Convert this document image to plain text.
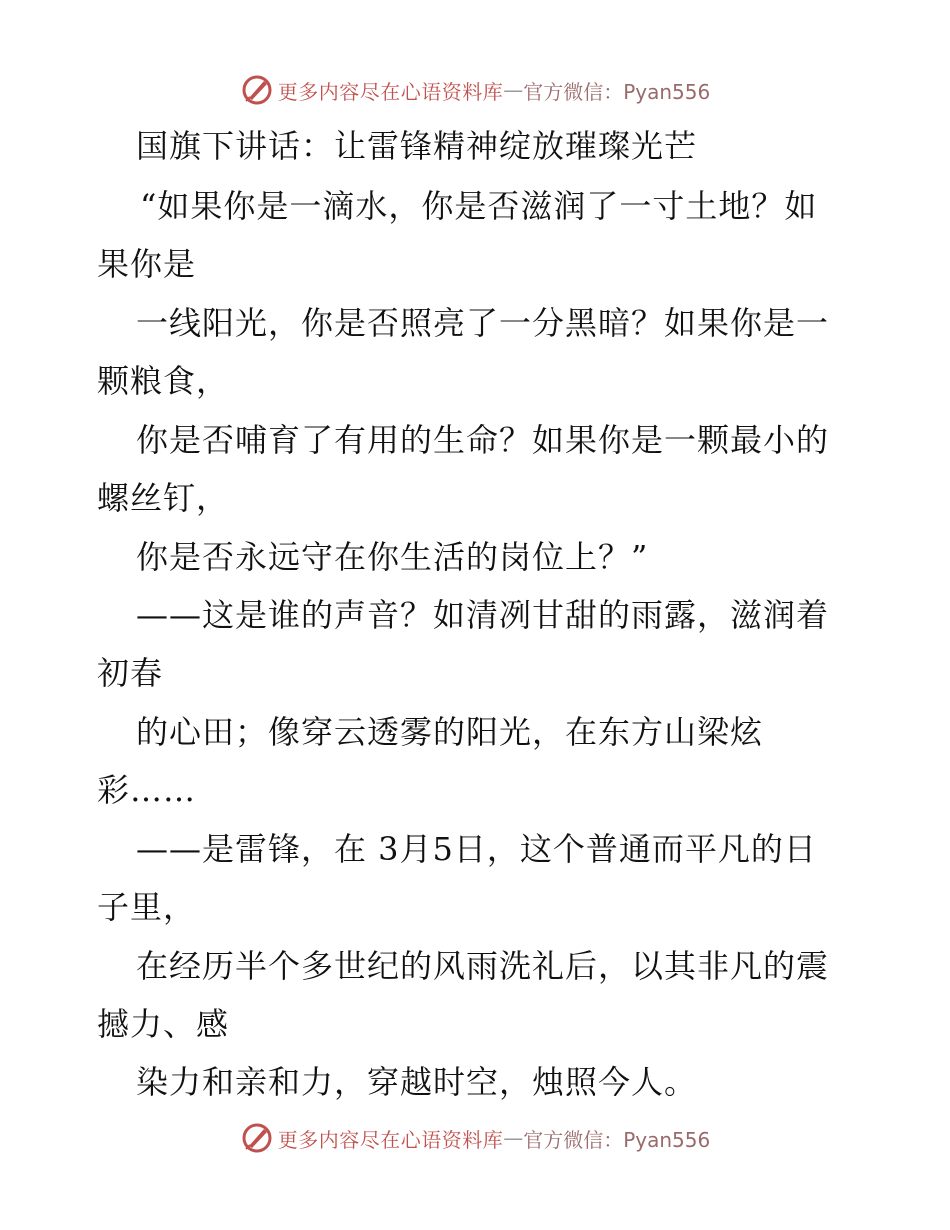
更多内容尽在心语资料库 — 官方微信：Pyan556
国旗下讲话：让雷锋精神绽放璀璨光芒
“如果你是一滴水，你是否滋润了一寸土地？如
果你是
一线阳光，你是否照亮了一分黑暗？如果你是一
颗粮食，
你是否哺育了有用的生命？如果你是一颗最小的
螺丝钉，
你是否永远守在你生活的岗位上？”
——这是谁的声音？如清冽甘甜的雨露，滋润着
初春
的心田；像穿云透雾的阳光，在东方山梁炫
彩……
——是雷锋，在 3月5日，这个普通而平凡的日
子里，
在经历半个多世纪的风雨洗礼后，以其非凡的震
撼力、感
染力和亲和力，穿越时空，烛照今人。
更多内容尽在心语资料库 — 官方微信：Pyan556
